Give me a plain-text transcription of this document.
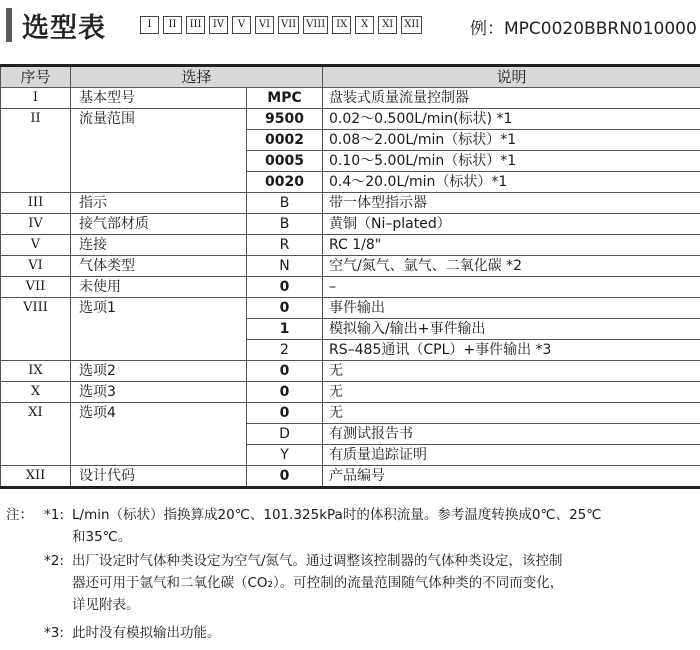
选型表	I	II	III	IV	V	VI	VII	VIII	IX	X	XI	XII	例：MPC0020BBRN010000
序号	选择		说明
I	基本型号	MPC	盘装式质量流量控制器
II	流量范围	9500	0.02～0.500L/min(标状) *1
		0002	0.08～2.00L/min（标状）*1
		0005	0.10～5.00L/min（标状）*1
		0020	0.4～20.0L/min（标状）*1
III	指示	B	带一体型指示器
IV	接气部材质	B	黄铜（Ni–plated）
V	连接	R	RC 1/8"
VI	气体类型	N	空气/氮气、氩气、二氧化碳 *2
VII	未使用	0	–
VIII	选项1	0	事件输出
		1	模拟输入/输出+事件输出
		2	RS–485通讯（CPL）+事件输出 *3
IX	选项2	0	无
X	选项3	0	无
XI	选项4	0	无
		D	有测试报告书
		Y	有质量追踪证明
XII	设计代码	0	产品编号
注： *1: L/min（标状）指换算成20℃、101.325kPa时的体积流量。参考温度转换成0℃、25℃
和35℃。
*2: 出厂设定时气体种类设定为空气/氮气。通过调整该控制器的气体种类设定，该控制
器还可用于氩气和二氧化碳（CO₂）。可控制的流量范围随气体种类的不同而变化，
详见附表。
*3: 此时没有模拟输出功能。
